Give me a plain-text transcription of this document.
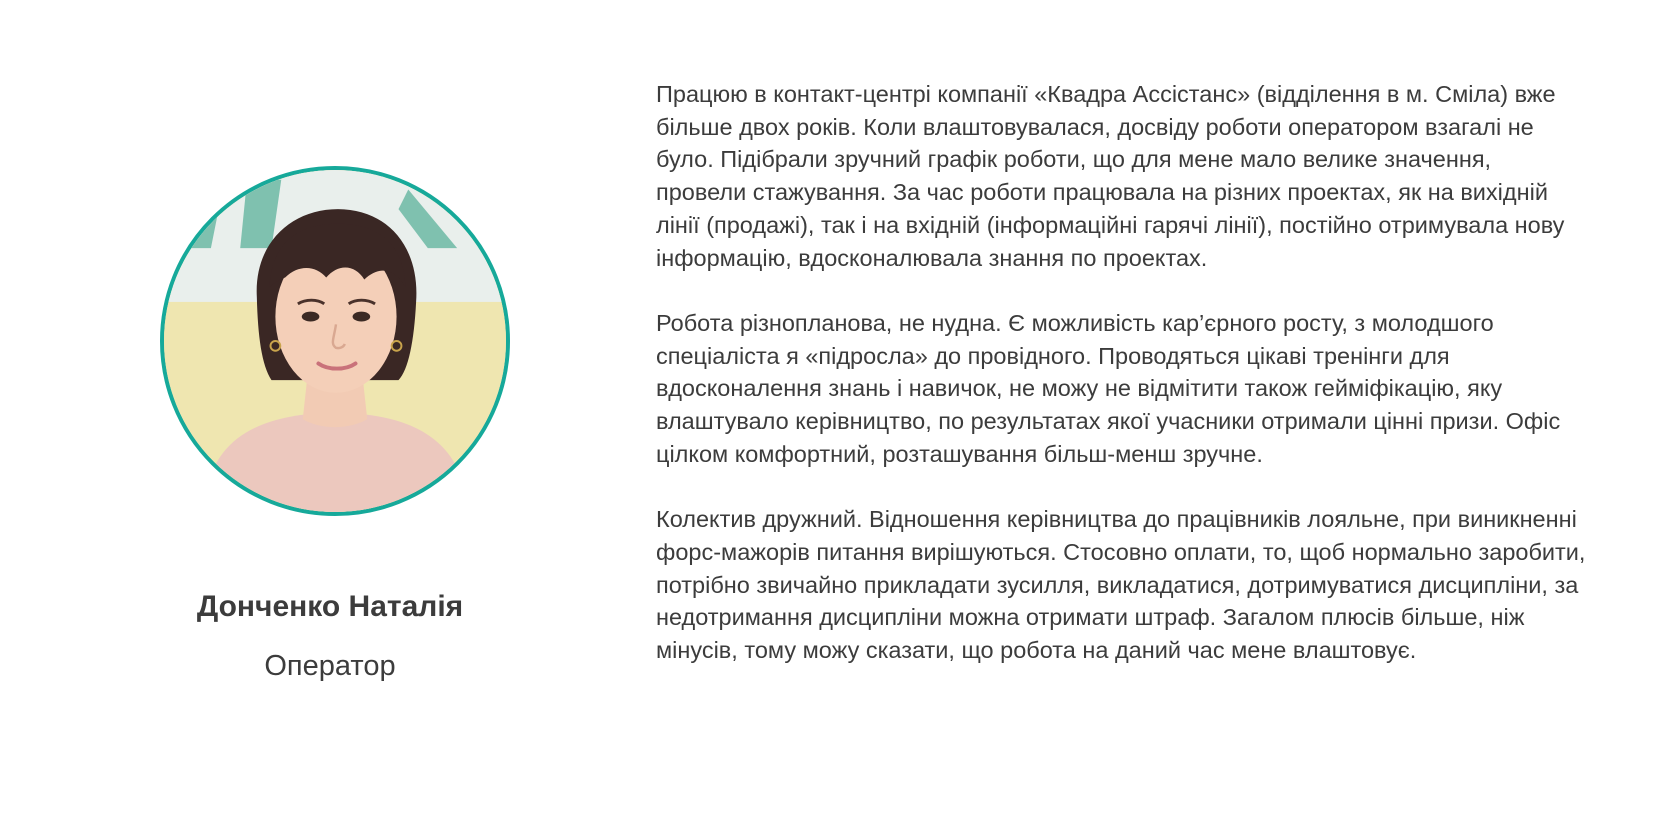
Донченко Наталія
Оператор

Працюю в контакт-центрі компанії «Квадра Ассістанс» (відділення в м. Сміла) вже більше двох років. Коли влаштовувалася, досвіду роботи оператором взагалі не було. Підібрали зручний графік роботи, що для мене мало велике значення, провели стажування. За час роботи працювала на різних проектах, як на вихідній лінії (продажі), так і на вхідній (інформаційні гарячі лінії), постійно отримувала нову інформацію, вдосконалювала знання по проектах.

Робота різнопланова, не нудна. Є можливість кар’єрного росту, з молодшого спеціаліста я «підросла» до провідного. Проводяться цікаві тренінги для вдосконалення знань і навичок, не можу не відмітити також гейміфікацію, яку влаштувало керівництво, по результатах якої учасники отримали цінні призи. Офіс цілком комфортний, розташування більш-менш зручне.

Колектив дружний. Відношення керівництва до працівників лояльне, при виникненні форс-мажорів питання вирішуються. Стосовно оплати, то, щоб нормально заробити, потрібно звичайно прикладати зусилля, викладатися, дотримуватися дисципліни, за недотримання дисципліни можна отримати штраф. Загалом плюсів більше, ніж мінусів, тому можу сказати, що робота на даний час мене влаштовує.
